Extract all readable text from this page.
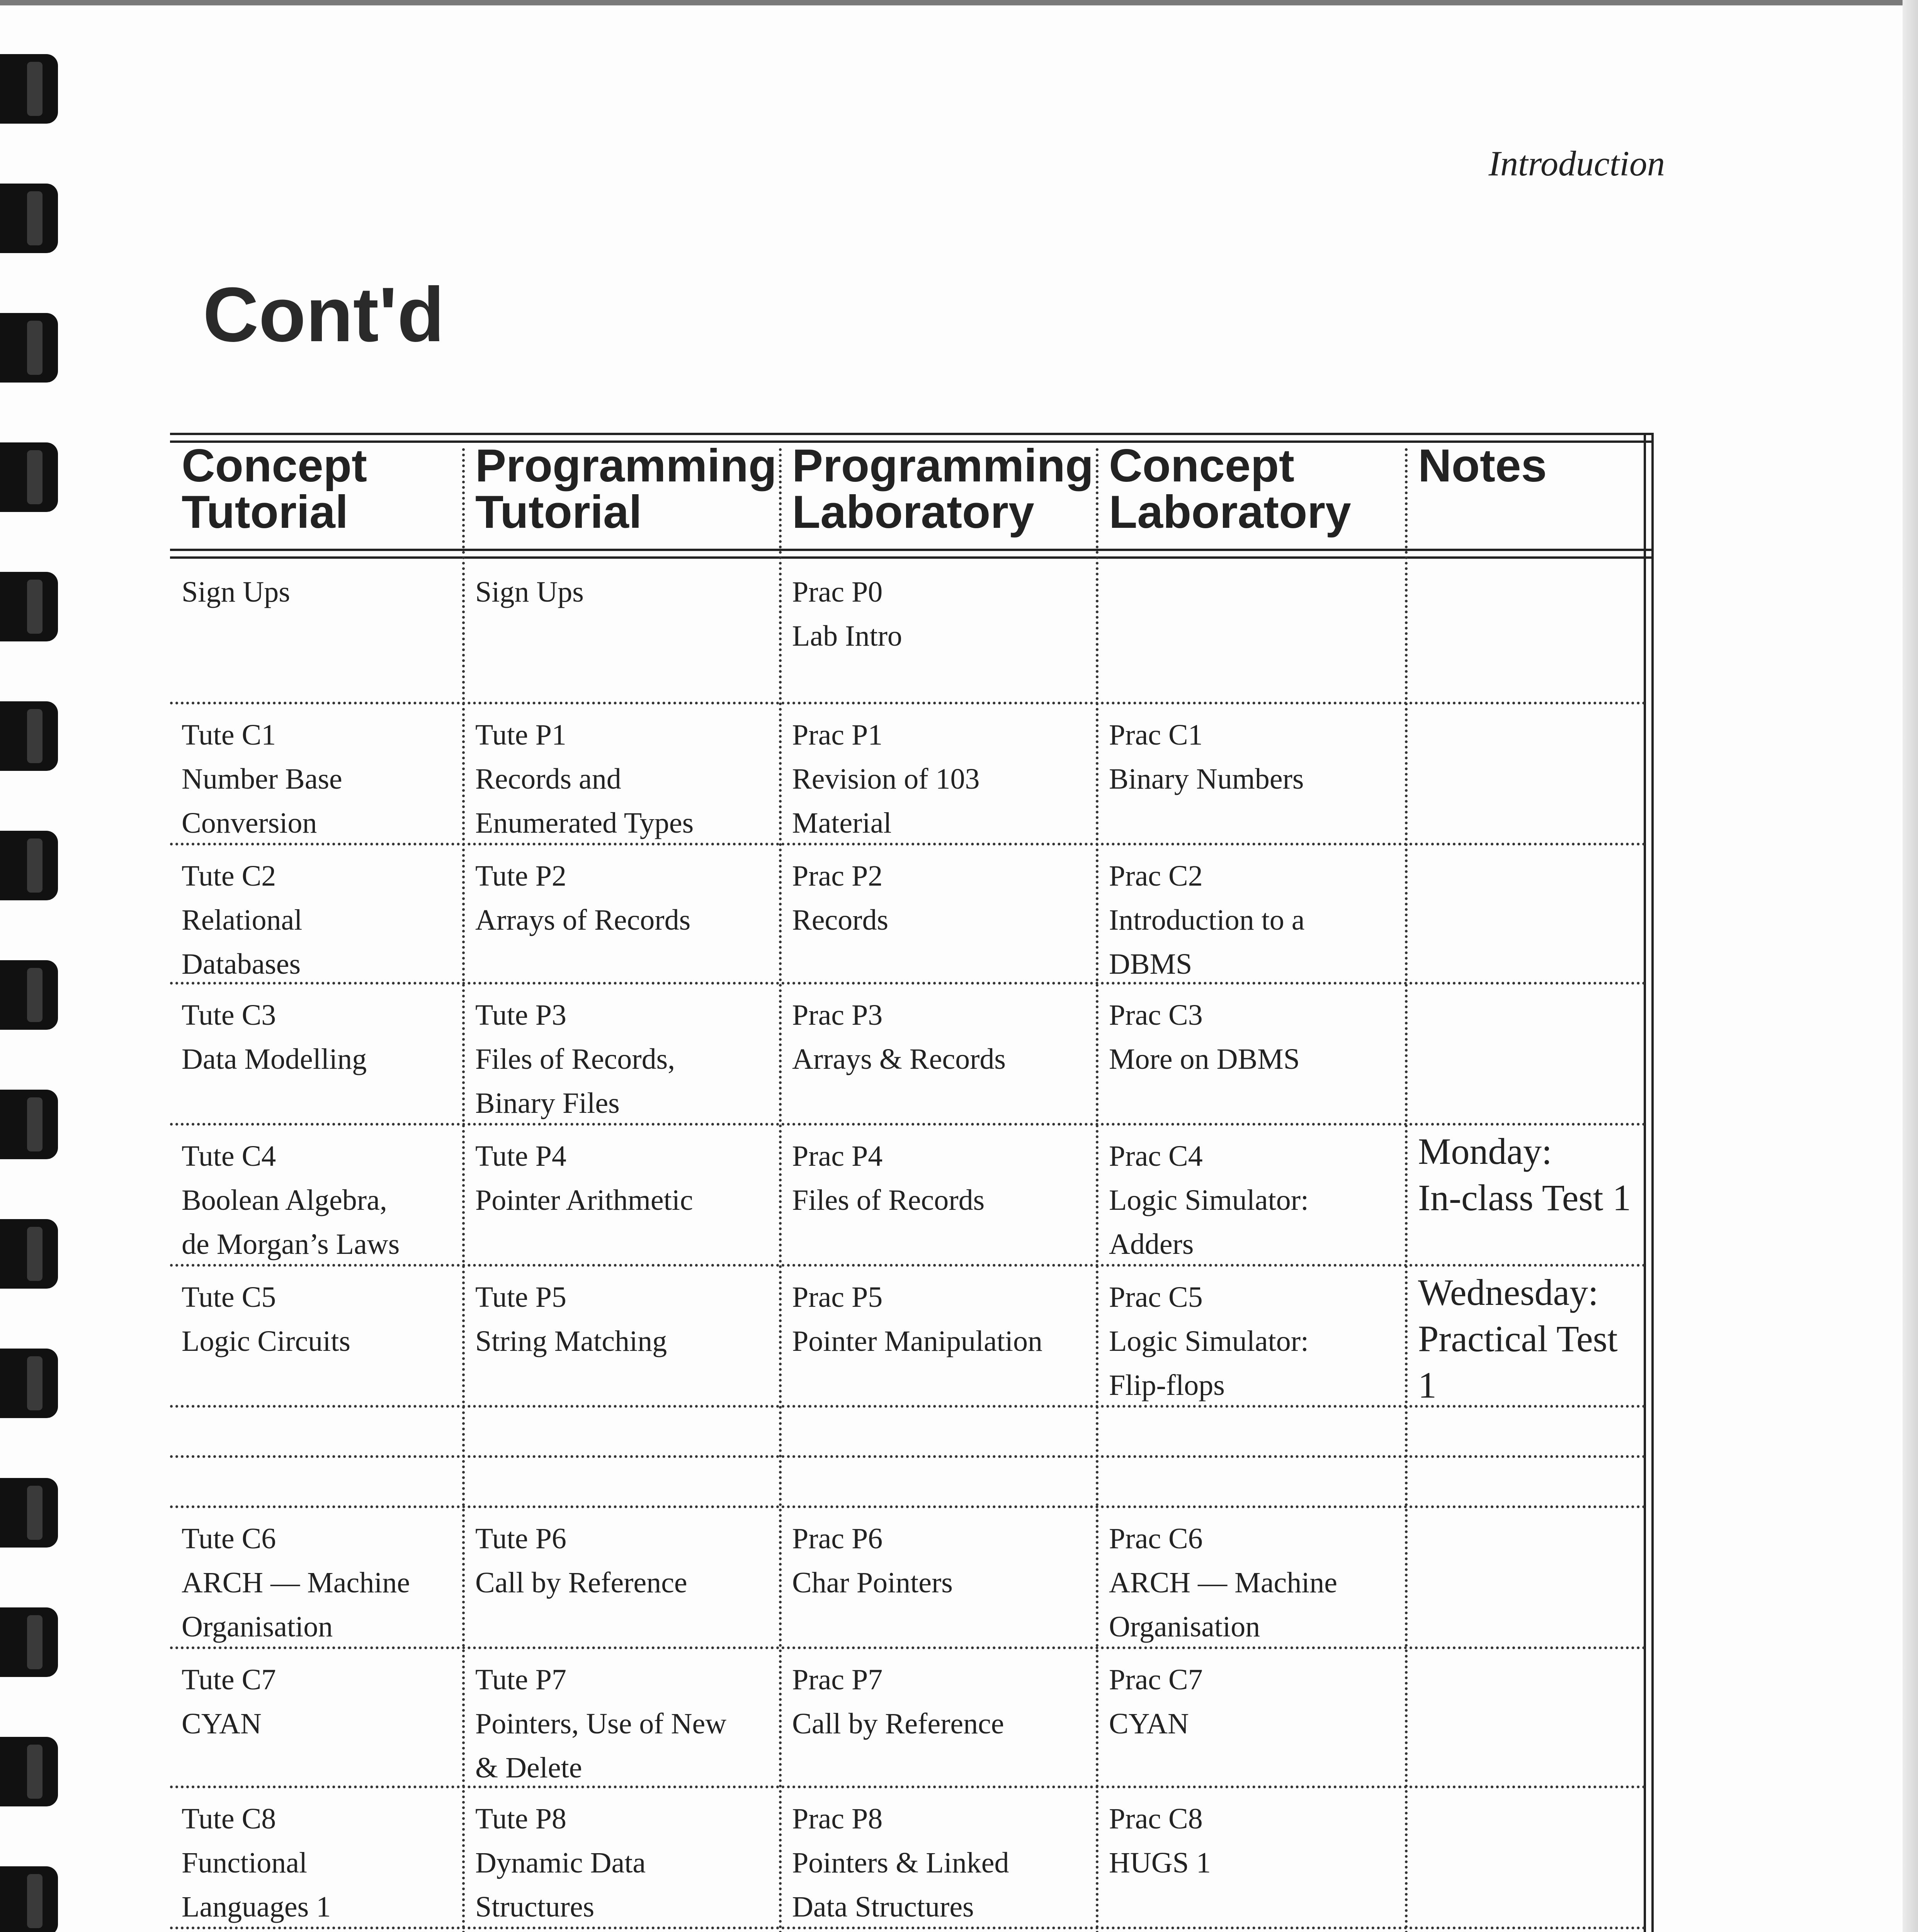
Introduction
Cont'd
Concept
Tutorial
Programming
Tutorial
Programming
Laboratory
Concept
Laboratory
Notes
Sign Ups	Sign Ups	Prac P0
Lab Intro
Tute C1
Number Base
Conversion
Tute P1
Records and
Enumerated Types
Prac P1
Revision of 103
Material
Prac C1
Binary Numbers
Tute C2
Relational
Databases
Tute P2
Arrays of Records
Prac P2
Records
Prac C2
Introduction to a
DBMS
Tute C3
Data Modelling
Tute P3
Files of Records,
Binary Files
Prac P3
Arrays & Records
Prac C3
More on DBMS
Tute C4
Boolean Algebra,
de Morgan’s Laws
Tute P4
Pointer Arithmetic
Prac P4
Files of Records
Prac C4
Logic Simulator:
Adders
Monday:
In-class Test 1
Tute C5
Logic Circuits
Tute P5
String Matching
Prac P5
Pointer Manipulation
Prac C5
Logic Simulator:
Flip-flops
Wednesday:
Practical Test 1
Tute C6
ARCH — Machine
Organisation
Tute P6
Call by Reference
Prac P6
Char Pointers
Prac C6
ARCH — Machine
Organisation
Tute C7
CYAN
Tute P7
Pointers, Use of New
& Delete
Prac P7
Call by Reference
Prac C7
CYAN
Tute C8
Functional
Languages 1
Tute P8
Dynamic Data
Structures
Prac P8
Pointers & Linked
Data Structures
Prac C8
HUGS 1
